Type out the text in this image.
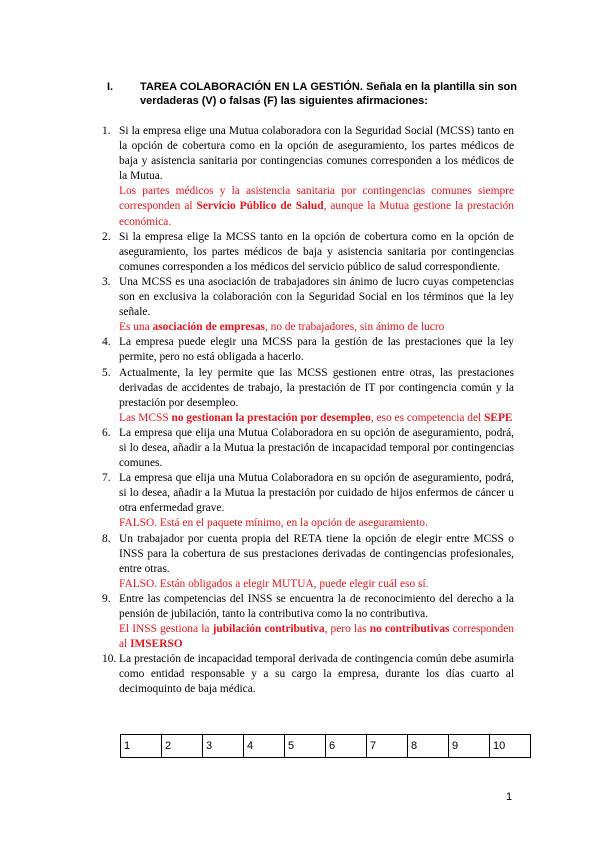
I. TAREA COLABORACIÓN EN LA GESTIÓN. Señala en la plantilla sin son verdaderas (V) o falsas (F) las siguientes afirmaciones:
1. Si la empresa elige una Mutua colaboradora con la Seguridad Social (MCSS) tanto en la opción de cobertura como en la opción de aseguramiento, los partes médicos de baja y asistencia sanitaria por contingencias comunes corresponden a los médicos de la Mutua.

Los partes médicos y la asistencia sanitaria por contingencias comunes siempre corresponden al Servicio Público de Salud, aunque la Mutua gestione la prestación económica.

2. Si la empresa elige la MCSS tanto en la opción de cobertura como en la opción de aseguramiento, los partes médicos de baja y asistencia sanitaria por contingencias comunes corresponden a los médicos del servicio público de salud correspondiente.

3. Una MCSS es una asociación de trabajadores sin ánimo de lucro cuyas competencias son en exclusiva la colaboración con la Seguridad Social en los términos que la ley señale.

Es una asociación de empresas, no de trabajadores, sin ánimo de lucro

4. La empresa puede elegir una MCSS para la gestión de las prestaciones que la ley permite, pero no está obligada a hacerlo.

5. Actualmente, la ley permite que las MCSS gestionen entre otras, las prestaciones derivadas de accidentes de trabajo, la prestación de IT por contingencia común y la prestación por desempleo.

Las MCSS no gestionan la prestación por desempleo, eso es competencia del SEPE

6. La empresa que elija una Mutua Colaboradora en su opción de aseguramiento, podrá, si lo desea, añadir a la Mutua la prestación de incapacidad temporal por contingencias comunes.

7. La empresa que elija una Mutua Colaboradora en su opción de aseguramiento, podrá, si lo desea, añadir a la Mutua la prestación por cuidado de hijos enfermos de cáncer u otra enfermedad grave.

FALSO. Está en el paquete mínimo, en la opción de aseguramiento.

8. Un trabajador por cuenta propia del RETA tiene la opción de elegir entre MCSS o INSS para la cobertura de sus prestaciones derivadas de contingencias profesionales, entre otras.

FALSO. Están obligados a elegir MUTUA, puede elegir cuál eso sí.

9. Entre las competencias del INSS se encuentra la de reconocimiento del derecho a la pensión de jubilación, tanto la contributiva como la no contributiva.

El INSS gestiona la jubilación contributiva, pero las no contributivas corresponden al IMSERSO

10. La prestación de incapacidad temporal derivada de contingencia común debe asumirla como entidad responsable y a su cargo la empresa, durante los días cuarto al decimoquinto de baja médica.

1	2	3	4	5	6	7	8	9	10
1
